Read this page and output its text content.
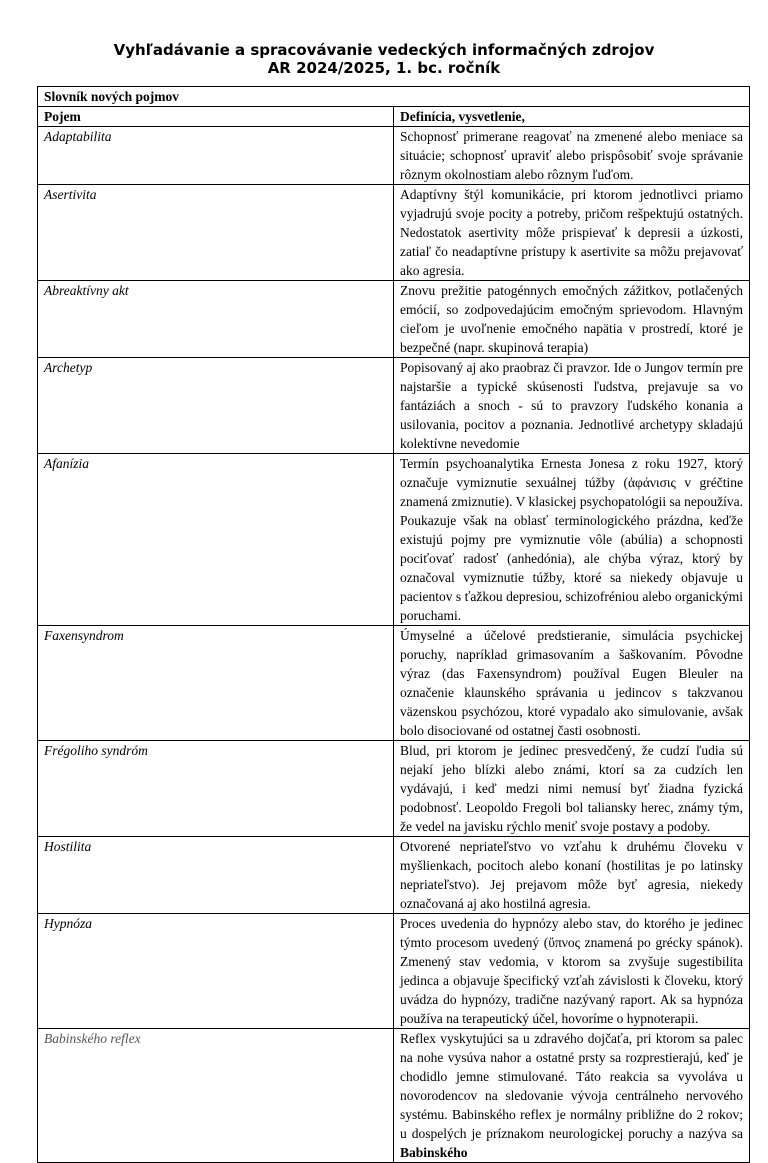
Vyhľadávanie a spracovávanie vedeckých informačných zdrojov
AR 2024/2025, 1. bc. ročník
Slovník nových pojmov	
Pojem	Definícia, vysvetlenie,
Adaptabilita	Schopnosť primerane reagovať na zmenené alebo meniace sa situácie; schopnosť upraviť alebo prispôsobiť svoje správanie rôznym okolnostiam alebo rôznym ľuďom.
Asertivita	Adaptívny štýl komunikácie, pri ktorom jednotlivci priamo vyjadrujú svoje pocity a potreby, pričom rešpektujú ostatných. Nedostatok asertivity môže prispievať k depresii a úzkosti, zatiaľ čo neadaptívne prístupy k asertivite sa môžu prejavovať ako agresia.
Abreaktívny akt	Znovu prežitie patogénnych emočných zážitkov, potlačených emócií, so zodpovedajúcim emočným sprievodom. Hlavným cieľom je uvoľnenie emočného napätia v prostredí, ktoré je bezpečné (napr. skupinová terapia)
Archetyp	Popisovaný aj ako praobraz či pravzor. Ide o Jungov termín pre najstaršie a typické skúsenosti ľudstva, prejavuje sa vo fantáziách a snoch - sú to pravzory ľudského konania a usilovania, pocitov a poznania. Jednotlivé archetypy skladajú kolektívne nevedomie
Afanízia	Termín psychoanalytika Ernesta Jonesa z roku 1927, ktorý označuje vymiznutie sexuálnej túžby (ἀφάνισις v gréčtine znamená zmiznutie). V klasickej psychopatológii sa nepoužíva. Poukazuje však na oblasť terminologického prázdna, keďže existujú pojmy pre vymiznutie vôle (abúlia) a schopnosti pociťovať radosť (anhedónia), ale chýba výraz, ktorý by označoval vymiznutie túžby, ktoré sa niekedy objavuje u pacientov s ťažkou depresiou, schizofréniou alebo organickými poruchami.
Faxensyndrom	Úmyselné a účelové predstieranie, simulácia psychickej poruchy, napríklad grimasovaním a šaškovaním. Pôvodne výraz (das Faxensyndrom) používal Eugen Bleuler na označenie klaunského správania u jedincov s takzvanou väzenskou psychózou, ktoré vypadalo ako simulovanie, avšak bolo disociované od ostatnej časti osobnosti.
Frégoliho syndróm	Blud, pri ktorom je jedinec presvedčený, že cudzí ľudia sú nejakí jeho blízki alebo známi, ktorí sa za cudzích len vydávajú, i keď medzi nimi nemusí byť žiadna fyzická podobnosť. Leopoldo Fregoli bol taliansky herec, známy tým, že vedel na javisku rýchlo meniť svoje postavy a podoby.
Hostilita	Otvorené nepriateľstvo vo vzťahu k druhému človeku v myšlienkach, pocitoch alebo konaní (hostilitas je po latinsky nepriateľstvo). Jej prejavom môže byť agresia, niekedy označovaná aj ako hostilná agresia.
Hypnóza	Proces uvedenia do hypnózy alebo stav, do ktorého je jedinec týmto procesom uvedený (ὕπνος znamená po grécky spánok). Zmenený stav vedomia, v ktorom sa zvyšuje sugestibilita jedinca a objavuje špecifický vzťah závislosti k človeku, ktorý uvádza do hypnózy, tradične nazývaný raport. Ak sa hypnóza používa na terapeutický účel, hovoríme o hypnoterapii.
Babinského reflex	Reflex vyskytujúci sa u zdravého dojčaťa, pri ktorom sa palec na nohe vysúva nahor a ostatné prsty sa rozprestierajú, keď je chodidlo jemne stimulované. Táto reakcia sa vyvoláva u novorodencov na sledovanie vývoja centrálneho nervového systému. Babinského reflex je normálny približne do 2 rokov; u dospelých je príznakom neurologickej poruchy a nazýva sa Babinského
